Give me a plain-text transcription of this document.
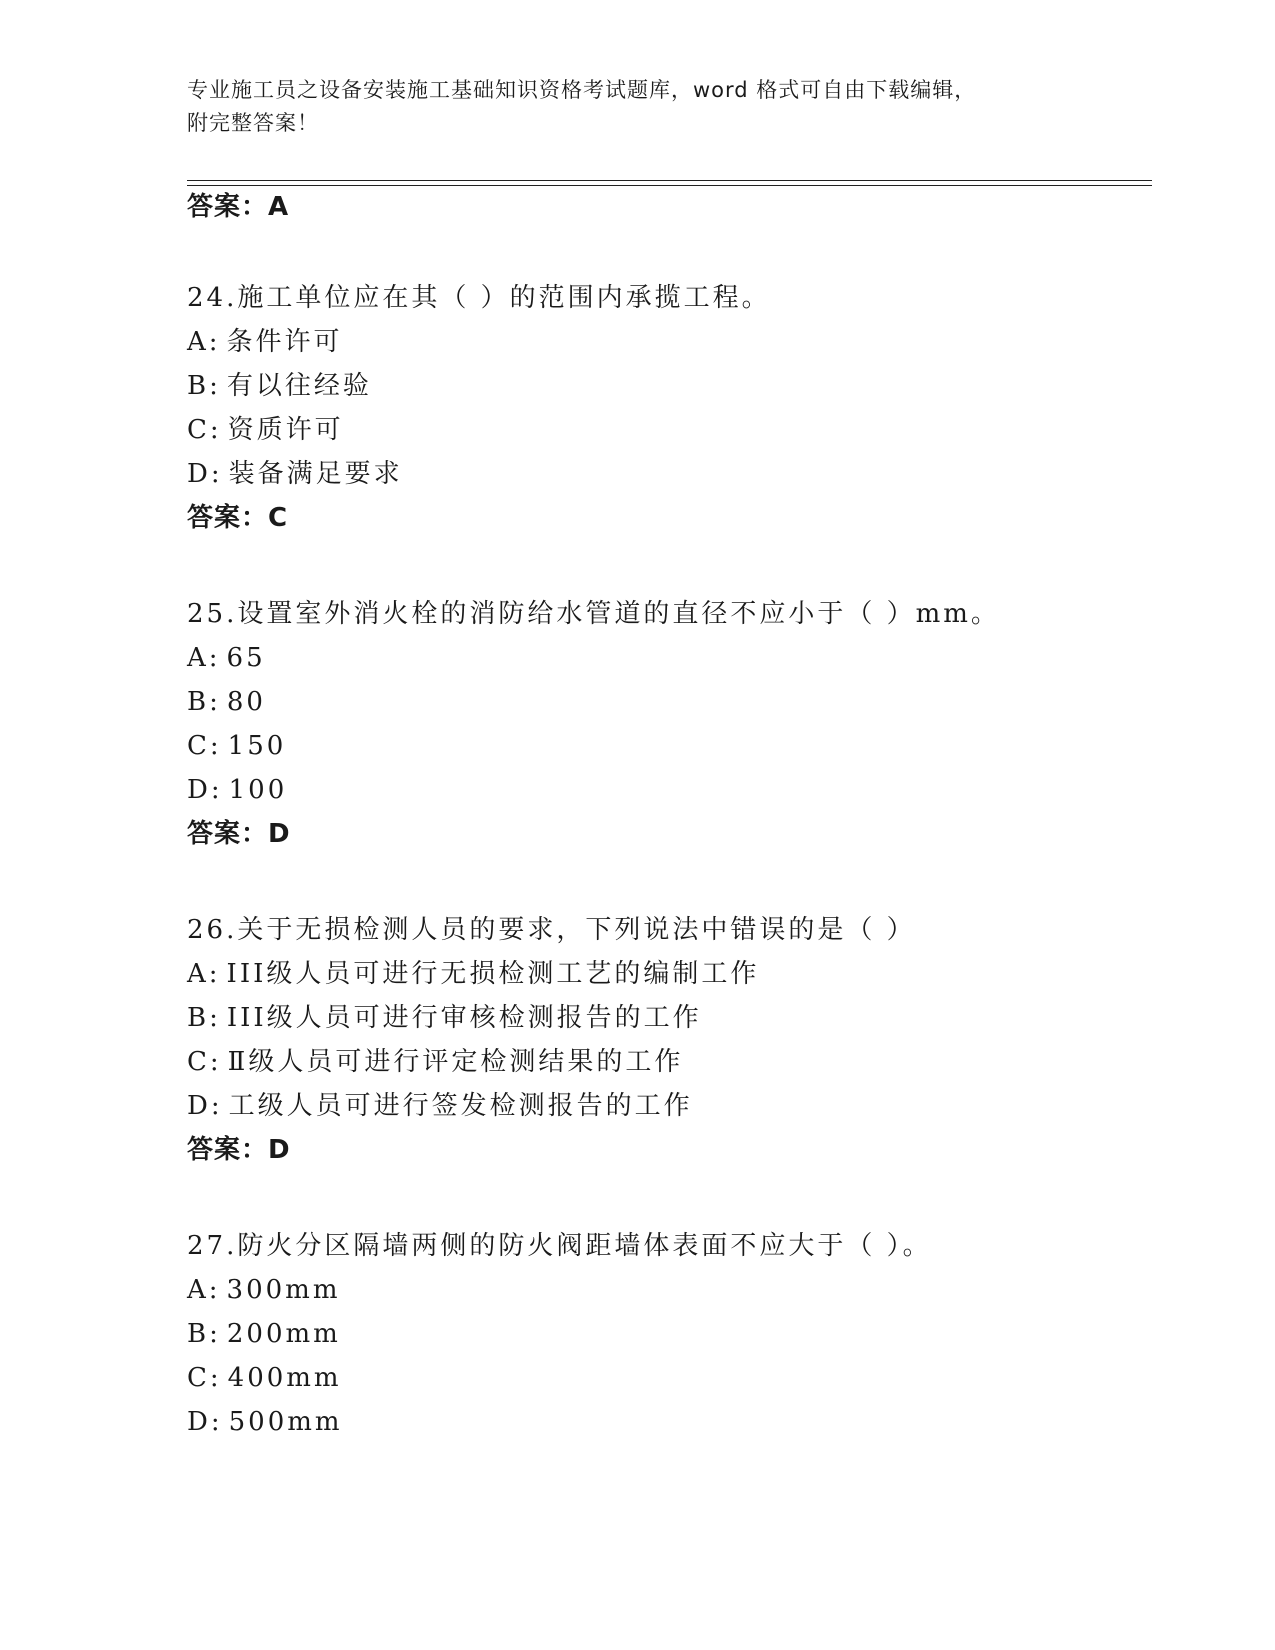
专业施工员之设备安装施工基础知识资格考试题库，word 格式可自由下载编辑，
附完整答案！
答案：A
24.施工单位应在其（ ）的范围内承揽工程。
A: 条件许可
B: 有以往经验
C: 资质许可
D: 装备满足要求
答案：C
25.设置室外消火栓的消防给水管道的直径不应小于（ ）mm。
A: 65
B: 80
C: 150
D: 100
答案：D
26.关于无损检测人员的要求，下列说法中错误的是（ ）
A: III级人员可进行无损检测工艺的编制工作
B: III级人员可进行审核检测报告的工作
C: Ⅱ级人员可进行评定检测结果的工作
D: 工级人员可进行签发检测报告的工作
答案：D
27.防火分区隔墙两侧的防火阀距墙体表面不应大于（ ）。
A: 300mm
B: 200mm
C: 400mm
D: 500mm
